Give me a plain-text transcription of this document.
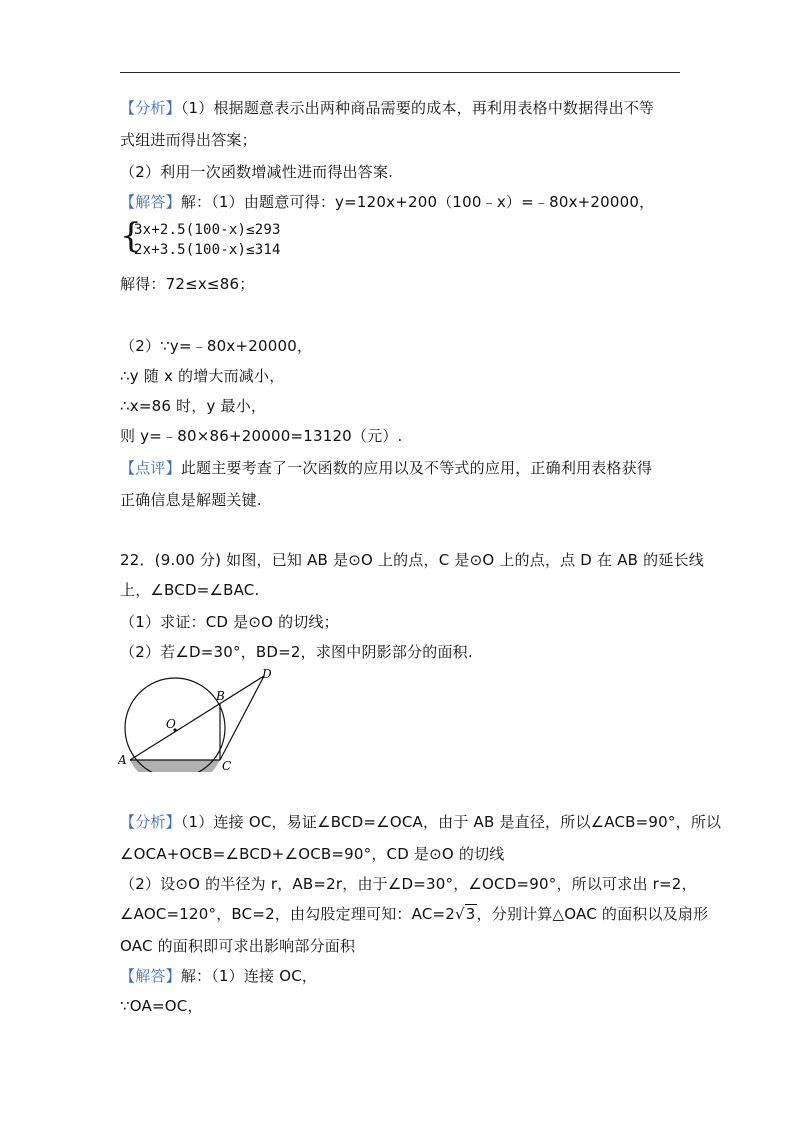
【分析】（1）根据题意表示出两种商品需要的成本，再利用表格中数据得出不等
式组进而得出答案；
（2）利用一次函数增减性进而得出答案.
【解答】解：（1）由题意可得：y=120x+200（100﹣x）=﹣80x+20000，
{
3x+2.5(100-x)≤293
2x+3.5(100-x)≤314
解得：72≤x≤86；
（2）∵y=﹣80x+20000，
∴y 随 x 的增大而减小，
∴x=86 时，y 最小，
则 y=﹣80×86+20000=13120（元）.
【点评】此题主要考查了一次函数的应用以及不等式的应用，正确利用表格获得
正确信息是解题关键.
22．(9.00 分) 如图，已知 AB 是⊙O 上的点，C 是⊙O 上的点，点 D 在 AB 的延长线
上，∠BCD=∠BAC.
（1）求证：CD 是⊙O 的切线；
（2）若∠D=30°，BD=2，求图中阴影部分的面积.
A
B
C
D
O
【分析】（1）连接 OC，易证∠BCD=∠OCA，由于 AB 是直径，所以∠ACB=90°，所以
∠OCA+OCB=∠BCD+∠OCB=90°，CD 是⊙O 的切线
（2）设⊙O 的半径为 r，AB=2r，由于∠D=30°，∠OCD=90°，所以可求出 r=2，
∠AOC=120°，BC=2，由勾股定理可知：AC=2√3，分别计算△OAC 的面积以及扇形
OAC 的面积即可求出影响部分面积
【解答】解：（1）连接 OC，
∵OA=OC，
